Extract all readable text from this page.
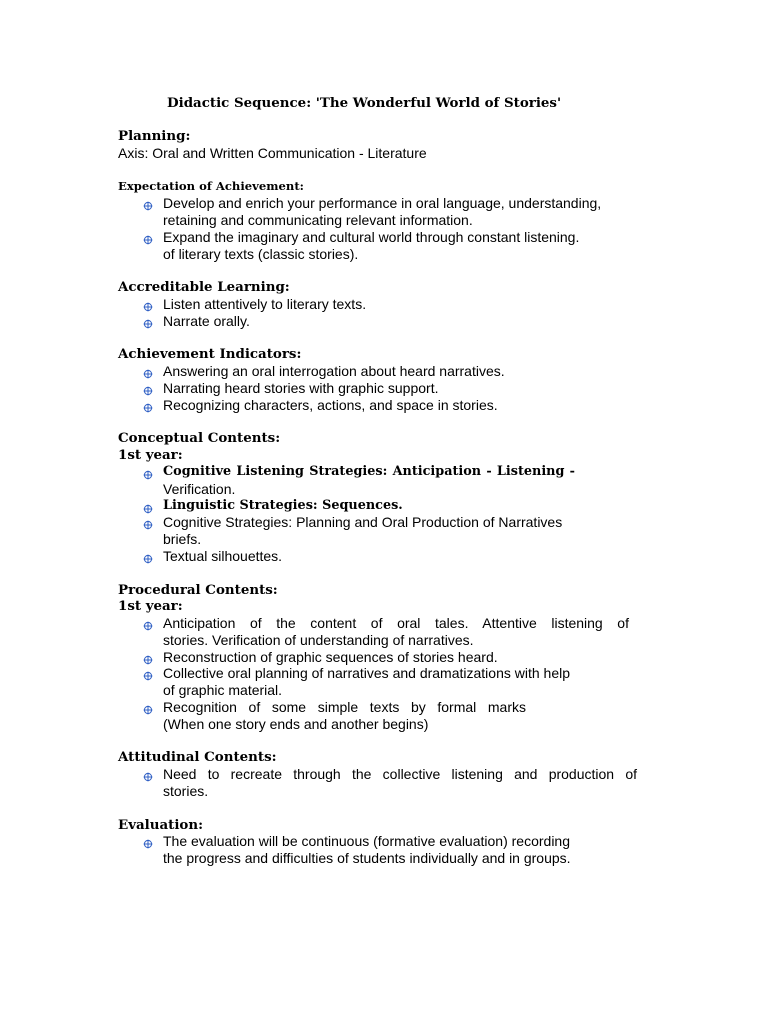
Didactic Sequence: 'The Wonderful World of Stories'
Planning:
Axis: Oral and Written Communication - Literature
Expectation of Achievement:
Develop and enrich your performance in oral language, understanding,
retaining and communicating relevant information.
Expand the imaginary and cultural world through constant listening.
of literary texts (classic stories).
Accreditable Learning:
Listen attentively to literary texts.
Narrate orally.
Achievement Indicators:
Answering an oral interrogation about heard narratives.
Narrating heard stories with graphic support.
Recognizing characters, actions, and space in stories.
Conceptual Contents:
1st year:
Cognitive Listening Strategies: Anticipation - Listening -
Verification.
Linguistic Strategies: Sequences.
Cognitive Strategies: Planning and Oral Production of Narratives
briefs.
Textual silhouettes.
Procedural Contents:
1st year:
Anticipation of the content of oral tales. Attentive listening of
stories. Verification of understanding of narratives.
Reconstruction of graphic sequences of stories heard.
Collective oral planning of narratives and dramatizations with help
of graphic material.
Recognition of some simple texts by formal marks
(When one story ends and another begins)
Attitudinal Contents:
Need to recreate through the collective listening and production of
stories.
Evaluation:
The evaluation will be continuous (formative evaluation) recording
the progress and difficulties of students individually and in groups.
